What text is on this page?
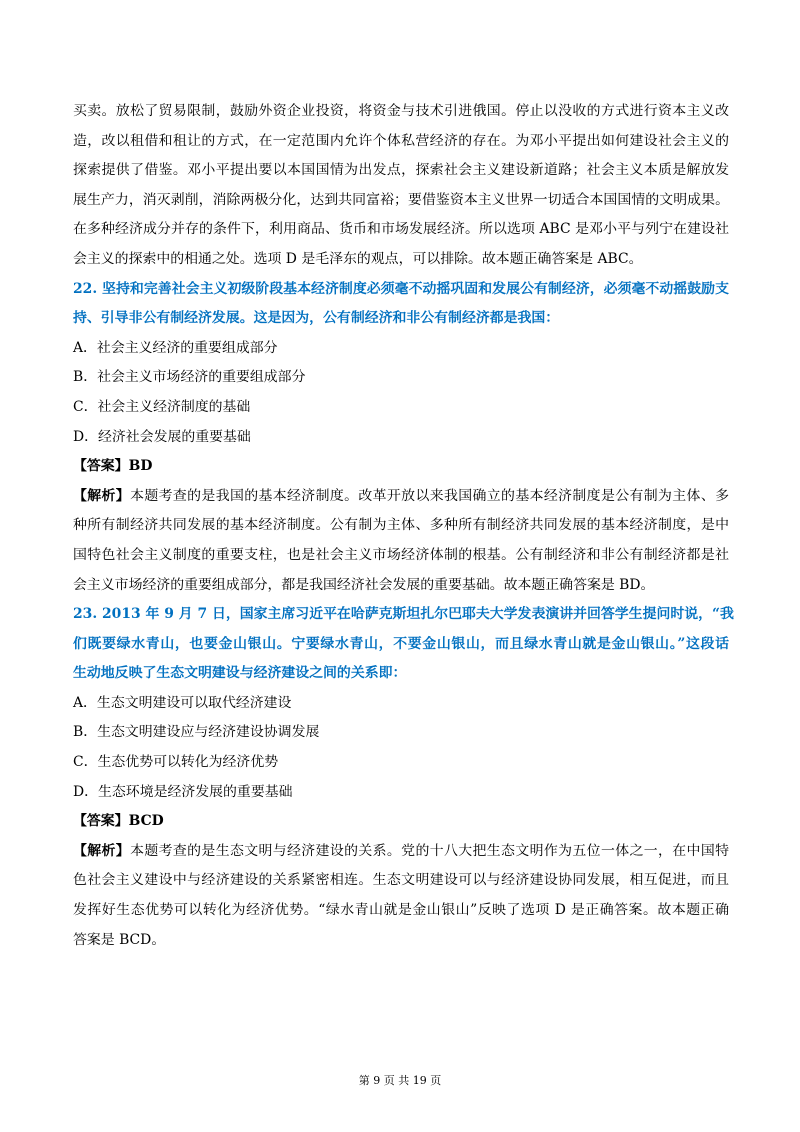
买卖。放松了贸易限制，鼓励外资企业投资，将资金与技术引进俄国。停止以没收的方式进行资本主义改
造，改以租借和租让的方式，在一定范围内允许个体私营经济的存在。为邓小平提出如何建设社会主义的
探索提供了借鉴。邓小平提出要以本国国情为出发点，探索社会主义建设新道路；社会主义本质是解放发
展生产力，消灭剥削，消除两极分化，达到共同富裕；要借鉴资本主义世界一切适合本国国情的文明成果。
在多种经济成分并存的条件下，利用商品、货币和市场发展经济。所以选项 ABC 是邓小平与列宁在建设社
会主义的探索中的相通之处。选项 D 是毛泽东的观点，可以排除。故本题正确答案是 ABC。
22. 坚持和完善社会主义初级阶段基本经济制度必须毫不动摇巩固和发展公有制经济，必须毫不动摇鼓励支
持、引导非公有制经济发展。这是因为，公有制经济和非公有制经济都是我国：
A．社会主义经济的重要组成部分
B．社会主义市场经济的重要组成部分
C．社会主义经济制度的基础
D．经济社会发展的重要基础
【答案】BD
【解析】本题考查的是我国的基本经济制度。改革开放以来我国确立的基本经济制度是公有制为主体、多
种所有制经济共同发展的基本经济制度。公有制为主体、多种所有制经济共同发展的基本经济制度，是中
国特色社会主义制度的重要支柱，也是社会主义市场经济体制的根基。公有制经济和非公有制经济都是社
会主义市场经济的重要组成部分，都是我国经济社会发展的重要基础。故本题正确答案是 BD。
23. 2013 年 9 月 7 日，国家主席习近平在哈萨克斯坦扎尔巴耶夫大学发表演讲并回答学生提问时说，“我
们既要绿水青山，也要金山银山。宁要绿水青山，不要金山银山，而且绿水青山就是金山银山。”这段话
生动地反映了生态文明建设与经济建设之间的关系即：
A．生态文明建设可以取代经济建设
B．生态文明建设应与经济建设协调发展
C．生态优势可以转化为经济优势
D．生态环境是经济发展的重要基础
【答案】BCD
【解析】本题考查的是生态文明与经济建设的关系。党的十八大把生态文明作为五位一体之一，在中国特
色社会主义建设中与经济建设的关系紧密相连。生态文明建设可以与经济建设协同发展，相互促进，而且
发挥好生态优势可以转化为经济优势。“绿水青山就是金山银山”反映了选项 D 是正确答案。故本题正确
答案是 BCD。
第 9 页 共 19 页
